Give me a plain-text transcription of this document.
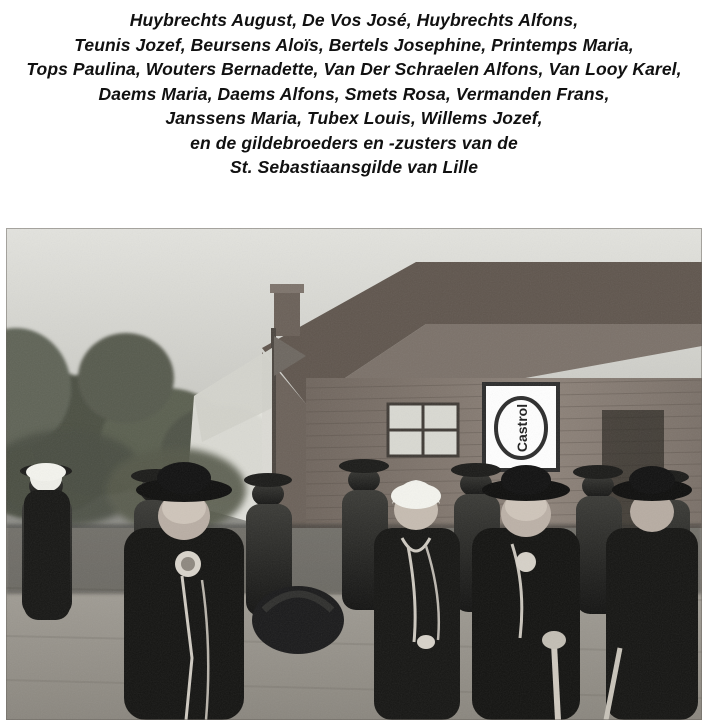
Huybrechts August, De Vos José, Huybrechts Alfons,
Teunis Jozef, Beursens Aloïs, Bertels Josephine, Printemps Maria,
Tops Paulina, Wouters Bernadette, Van Der Schraelen Alfons, Van Looy Karel,
Daems Maria, Daems Alfons, Smets Rosa, Vermanden Frans,
Janssens Maria, Tubex Louis, Willems Jozef,
en de gildebroeders en -zusters van de
St. Sebastiaansgilde van Lille
Castrol
